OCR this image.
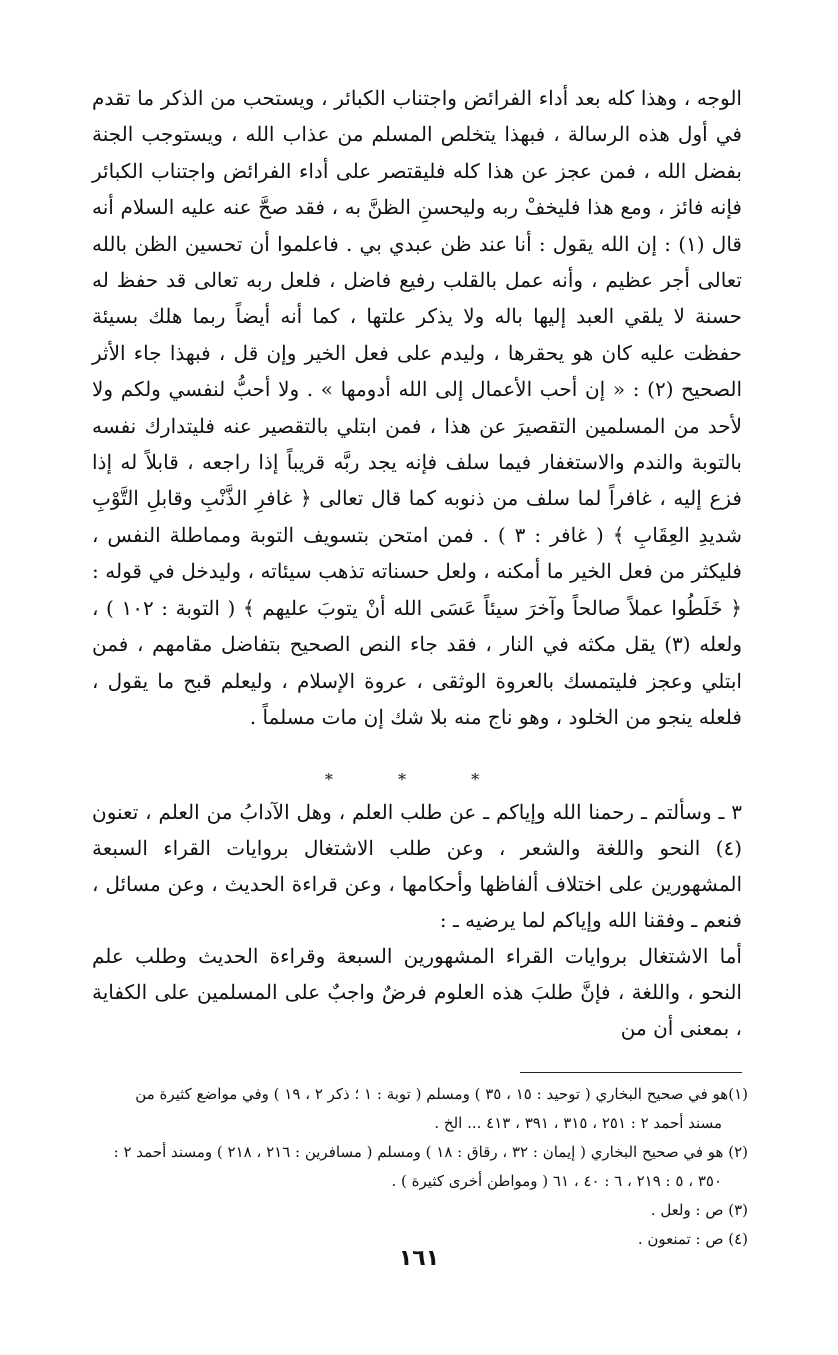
الوجه ، وهذا كله بعد أداء الفرائض واجتناب الكبائر ، ويستحب من الذكر ما تقدم في أول هذه الرسالة ، فبهذا يتخلص المسلم من عذاب الله ، ويستوجب الجنة بفضل الله ، فمن عجز عن هذا كله فليقتصر على أداء الفرائض واجتناب الكبائر فإنه فائز ، ومع هذا فليخفْ ربه وليحسنِ الظنَّ به ، فقد صحَّ عنه عليه السلام أنه قال (١) : إن الله يقول : أنا عند ظن عبدي بي . فاعلموا أن تحسين الظن بالله تعالى أجر عظيم ، وأنه عمل بالقلب رفيع فاضل ، فلعل ربه تعالى قد حفظ له حسنة لا يلقي العبد إليها باله ولا يذكر علتها ، كما أنه أيضاً ربما هلك بسيئة حفظت عليه كان هو يحقرها ، وليدم على فعل الخير وإن قل ، فبهذا جاء الأثر الصحيح (٢) : « إن أحب الأعمال إلى الله أدومها » . ولا أحبُّ لنفسي ولكم ولا لأحد من المسلمين التقصيرَ عن هذا ، فمن ابتلي بالتقصير عنه فليتدارك نفسه بالتوبة والندم والاستغفار فيما سلف فإنه يجد ربَّه قريباً إذا راجعه ، قابلاً له إذا فزع إليه ، غافراً لما سلف من ذنوبه كما قال تعالى ﴿ غافرِ الذَّنْبِ وقابلِ التَّوْبِ شديدِ العِقَابِ ﴾ ( غافر : ٣ ) . فمن امتحن بتسويف التوبة ومماطلة النفس ، فليكثر من فعل الخير ما أمكنه ، ولعل حسناته تذهب سيئاته ، وليدخل في قوله : ﴿ خَلَطُوا عملاً صالحاً وآخرَ سيئاً عَسَى الله أنْ يتوبَ عليهم ﴾ ( التوبة : ١٠٢ ) ، ولعله (٣) يقل مكثه في النار ، فقد جاء النص الصحيح بتفاضل مقامهم ، فمن ابتلي وعجز فليتمسك بالعروة الوثقى ، عروة الإسلام ، وليعلم قبح ما يقول ، فلعله ينجو من الخلود ، وهو ناج منه بلا شك إن مات مسلماً .

* * *

٣ ـ وسألتم ـ رحمنا الله وإياكم ـ عن طلب العلم ، وهل الآدابُ من العلم ، تعنون (٤) النحو واللغة والشعر ، وعن طلب الاشتغال بروايات القراء السبعة المشهورين على اختلاف ألفاظها وأحكامها ، وعن قراءة الحديث ، وعن مسائل ، فنعم ـ وفقنا الله وإياكم لما يرضيه ـ :

أما الاشتغال بروايات القراء المشهورين السبعة وقراءة الحديث وطلب علم النحو ، واللغة ، فإنَّ طلبَ هذه العلوم فرضٌ واجبٌ على المسلمين على الكفاية ، بمعنى أن من

(١)هو في صحيح البخاري ( توحيد : ١٥ ، ٣٥ ) ومسلم ( توبة : ١ ؛ ذكر ٢ ، ١٩ ) وفي مواضع كثيرة من

مسند أحمد ٢ : ٢٥١ ، ٣١٥ ، ٣٩١ ، ٤١٣ ... الخ .

(٢) هو في صحيح البخاري ( إيمان : ٣٢ ، رقاق : ١٨ ) ومسلم ( مسافرين : ٢١٦ ، ٢١٨ ) ومسند أحمد ٢ :

٣٥٠ ، ٥ : ٢١٩ ، ٦ : ٤٠ ، ٦١ ( ومواطن أخرى كثيرة ) .

(٣) ص : ولعل .

(٤) ص : تمنعون .

١٦١
